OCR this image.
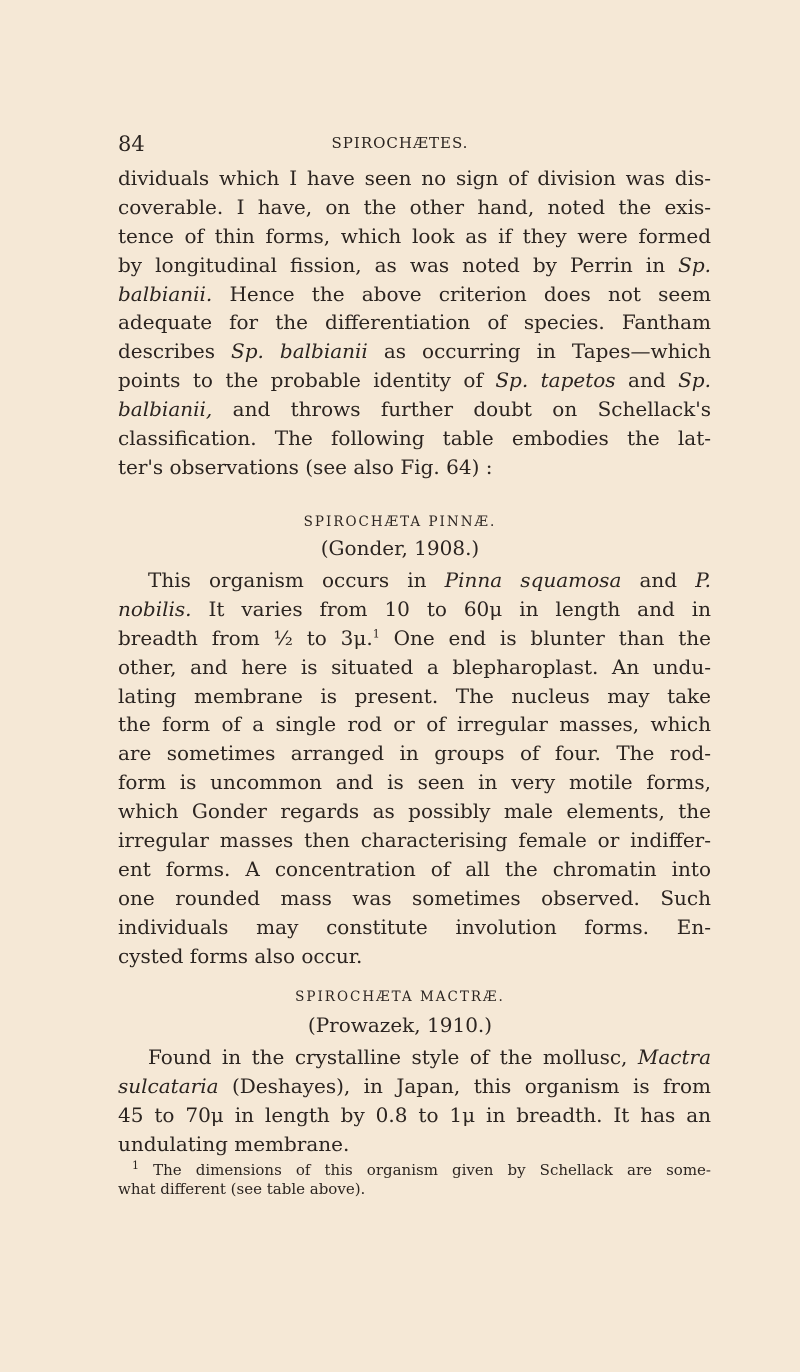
84	SPIROCHÆTES.
dividuals which I have seen no sign of division was dis-
coverable. I have, on the other hand, noted the exis-
tence of thin forms, which look as if they were formed
by longitudinal fission, as was noted by Perrin in Sp.
balbianii. Hence the above criterion does not seem
adequate for the differentiation of species. Fantham
describes Sp. balbianii as occurring in Tapes—which
points to the probable identity of Sp. tapetos and Sp.
balbianii, and throws further doubt on Schellack's
classification. The following table embodies the lat-
ter's observations (see also Fig. 64) :
SPIROCHÆTA PINNÆ.
(Gonder, 1908.)
This organism occurs in Pinna squamosa and P.
nobilis. It varies from 10 to 60μ in length and in
breadth from ½ to 3μ.$^1$ One end is blunter than the
other, and here is situated a blepharoplast. An undu-
lating membrane is present. The nucleus may take
the form of a single rod or of irregular masses, which
are sometimes arranged in groups of four. The rod-
form is uncommon and is seen in very motile forms,
which Gonder regards as possibly male elements, the
irregular masses then characterising female or indiffer-
ent forms. A concentration of all the chromatin into
one rounded mass was sometimes observed. Such
individuals may constitute involution forms. En-
cysted forms also occur.
SPIROCHÆTA MACTRÆ.
(Prowazek, 1910.)
Found in the crystalline style of the mollusc, Mactra
sulcataria (Deshayes), in Japan, this organism is from
45 to 70μ in length by 0.8 to 1μ in breadth. It has an
undulating membrane.
$^1$ The dimensions of this organism given by Schellack are some-
what different (see table above).
